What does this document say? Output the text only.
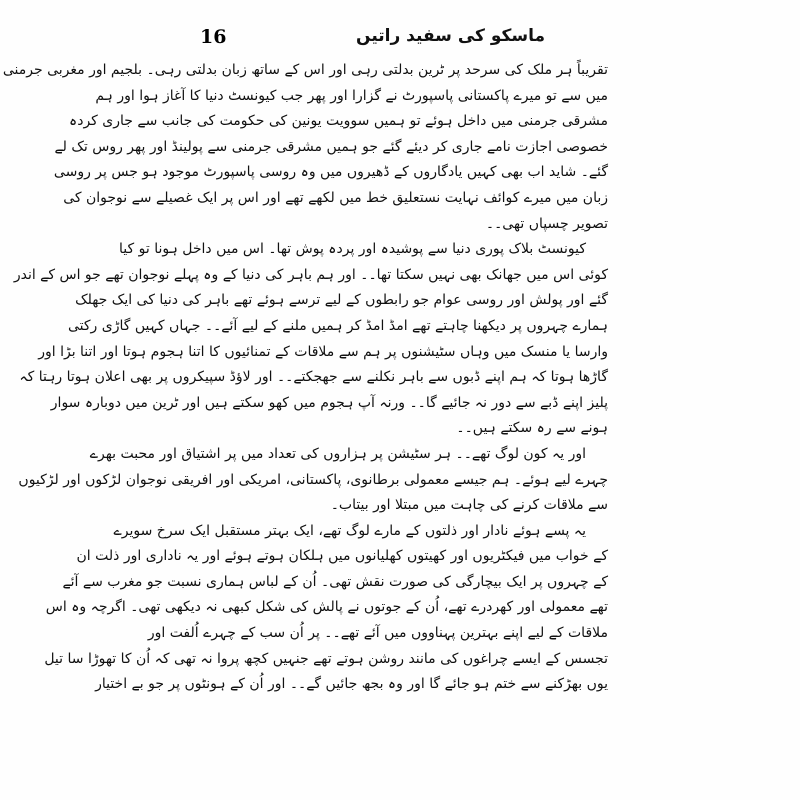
16	ماسکو کی سفید راتیں
تقریباً ہر ملک کی سرحد پر ٹرین بدلتی رہی اور اس کے ساتھ زبان بدلتی رہی۔ بلجیم اور مغربی جرمنی
میں سے تو میرے پاکستانی پاسپورٹ نے گزارا اور پھر جب کیونسٹ دنیا کا آغاز ہوا اور ہم
مشرقی جرمنی میں داخل ہوئے تو ہمیں سوویت یونین کی حکومت کی جانب سے جاری کردہ
خصوصی اجازت نامے جاری کر دیئے گئے جو ہمیں مشرقی جرمنی سے پولینڈ اور پھر روس تک لے
گئے۔ شاید اب بھی کہیں یادگاروں کے ڈھیروں میں وہ روسی پاسپورٹ موجود ہو جس پر روسی
زبان میں میرے کوائف نہایت نستعلیق خط میں لکھے تھے اور اس پر ایک غصیلے سے نوجوان کی
تصویر چسپاں تھی۔۔
کیونسٹ بلاک پوری دنیا سے پوشیدہ اور پردہ پوش تھا۔ اس میں داخل ہونا تو کیا
کوئی اس میں جھانک بھی نہیں سکتا تھا۔۔ اور ہم باہر کی دنیا کے وہ پہلے نوجوان تھے جو اس کے اندر
گئے اور پولش اور روسی عوام جو رابطوں کے لیے ترسے ہوئے تھے باہر کی دنیا کی ایک جھلک
ہمارے چہروں پر دیکھنا چاہتے تھے امڈ امڈ کر ہمیں ملنے کے لیے آئے۔۔ جہاں کہیں گاڑی رکتی
وارسا یا منسک میں وہاں سٹیشنوں پر ہم سے ملاقات کے تمنائیوں کا اتنا ہجوم ہوتا اور اتنا بڑا اور
گاڑھا ہوتا کہ ہم اپنے ڈبوں سے باہر نکلنے سے جھجکتے۔۔ اور لاؤڈ سپیکروں پر بھی اعلان ہوتا رہتا کہ
پلیز اپنے ڈبے سے دور نہ جائیے گا۔۔ ورنہ آپ ہجوم میں کھو سکتے ہیں اور ٹرین میں دوبارہ سوار
ہونے سے رہ سکتے ہیں۔۔
اور یہ کون لوگ تھے۔۔ ہر سٹیشن پر ہزاروں کی تعداد میں پر اشتیاق اور محبت بھرے
چہرے لیے ہوئے۔ ہم جیسے معمولی برطانوی، پاکستانی، امریکی اور افریقی نوجوان لڑکوں اور لڑکیوں
سے ملاقات کرنے کی چاہت میں مبتلا اور بیتاب۔
یہ پسے ہوئے نادار اور ذلتوں کے مارے لوگ تھے، ایک بہتر مستقبل ایک سرخ سویرے
کے خواب میں فیکٹریوں اور کھیتوں کھلیانوں میں ہلکان ہوتے ہوئے اور یہ ناداری اور ذلت ان
کے چہروں پر ایک بیچارگی کی صورت نقش تھی۔ اُن کے لباس ہماری نسبت جو مغرب سے آئے
تھے معمولی اور کھردرے تھے، اُن کے جوتوں نے پالش کی شکل کبھی نہ دیکھی تھی۔ اگرچہ وہ اس
ملاقات کے لیے اپنے بہترین پہناووں میں آئے تھے۔۔ پر اُن سب کے چہرے اُلفت اور
تجسس کے ایسے چراغوں کی مانند روشن ہوتے تھے جنہیں کچھ پروا نہ تھی کہ اُن کا تھوڑا سا تیل
یوں بھڑکنے سے ختم ہو جائے گا اور وہ بجھ جائیں گے۔۔ اور اُن کے ہونٹوں پر جو بے اختیار
